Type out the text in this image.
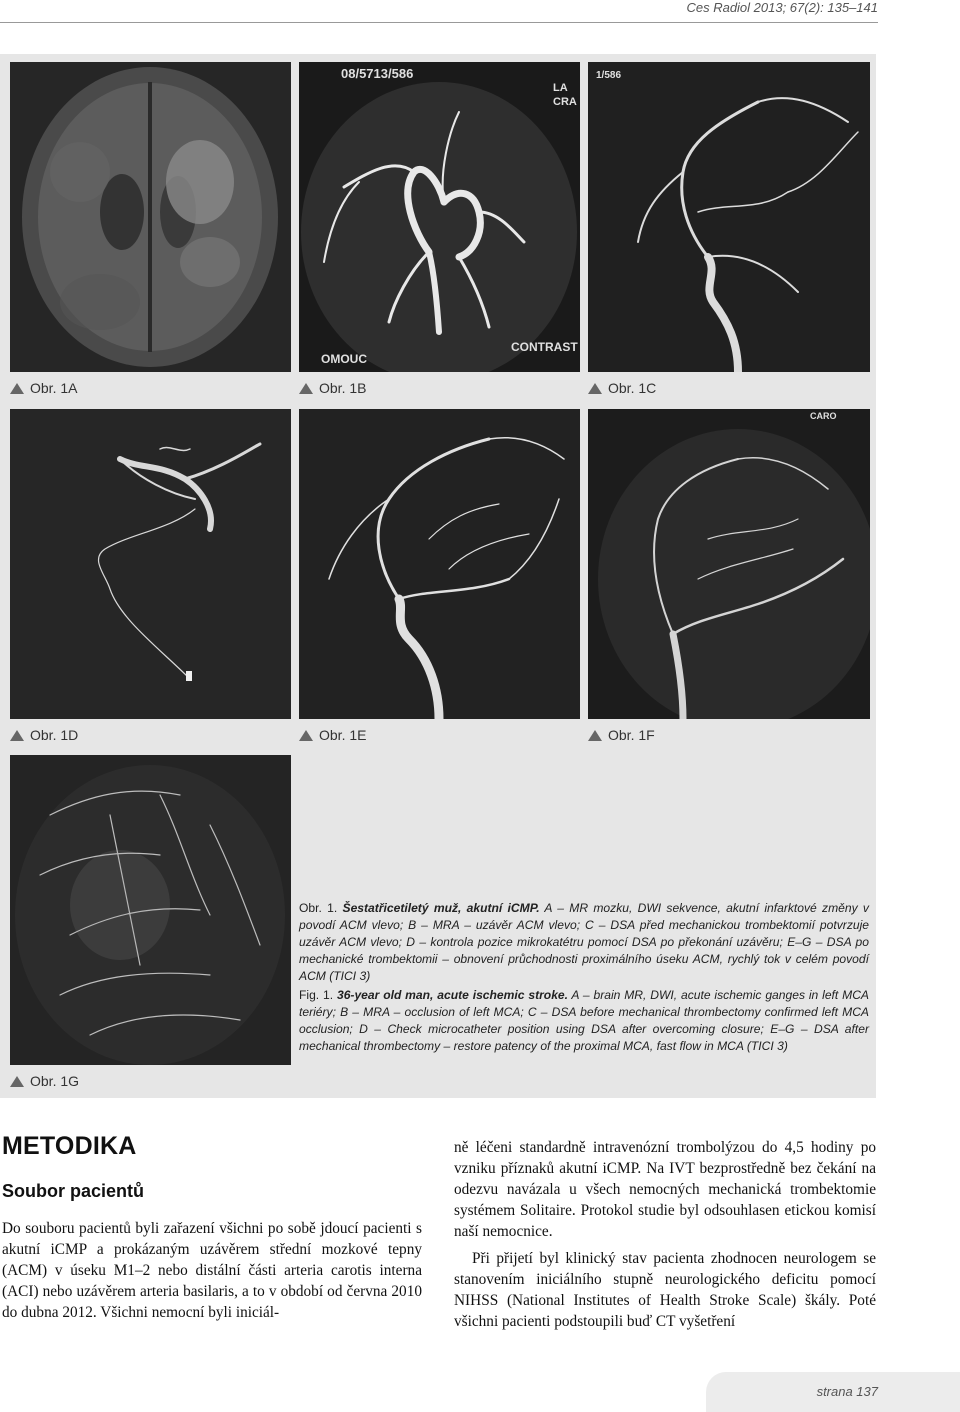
Ces Radiol 2013; 67(2): 135–141
08/5713/586
LA
CRA
OMOUC
CONTRAST
1/586
Obr. 1A	Obr. 1B	Obr. 1C
CARO
Obr. 1D	Obr. 1E	Obr. 1F
Obr. 1G

Obr. 1. Šestatřicetiletý muž, akutní iCMP. A – MR mozku, DWI sekvence, akutní infarktové změny v povodí ACM vlevo; B – MRA – uzávěr ACM vlevo; C – DSA před mechanickou trombektomií potvrzuje uzávěr ACM vlevo; D – kontrola pozice mikrokatétru pomocí DSA po překonání uzávěru; E–G – DSA po mechanické trombektomii – obnovení průchodnosti proximálního úseku ACM, rychlý tok v celém povodí ACM (TICI 3)

Fig. 1. 36-year old man, acute ischemic stroke. A – brain MR, DWI, acute ischemic ganges in left MCA teriéry; B – MRA – occlusion of left MCA; C – DSA before mechanical thrombectomy confirmed left MCA occlusion; D – Check microcatheter position using DSA after overcoming closure; E–G – DSA after mechanical thrombectomy – restore patency of the proximal MCA, fast flow in MCA (TICI 3)

METODIKA
Soubor pacientů

Do souboru pacientů byli zařazení všichni po sobě jdoucí pacienti s akutní iCMP a prokázaným uzávěrem střední mozkové tepny (ACM) v úseku M1–2 nebo distální části arteria carotis interna (ACI) nebo uzávěrem arteria basilaris, a to v období od června 2010 do dubna 2012. Všichni nemocní byli iniciál-

ně léčeni standardně intravenózní trombolýzou do 4,5 hodiny po vzniku příznaků akutní iCMP. Na IVT bezprostředně bez čekání na odezvu navázala u všech nemocných mechanická trombektomie systémem Solitaire. Protokol studie byl odsouhlasen etickou komisí naší nemocnice.

Při přijetí byl klinický stav pacienta zhodnocen neurologem se stanovením iniciálního stupně neurologického deficitu pomocí NIHSS (National Institutes of Health Stroke Scale) škály. Poté všichni pacienti podstoupili buď CT vyšetření

strana 137
